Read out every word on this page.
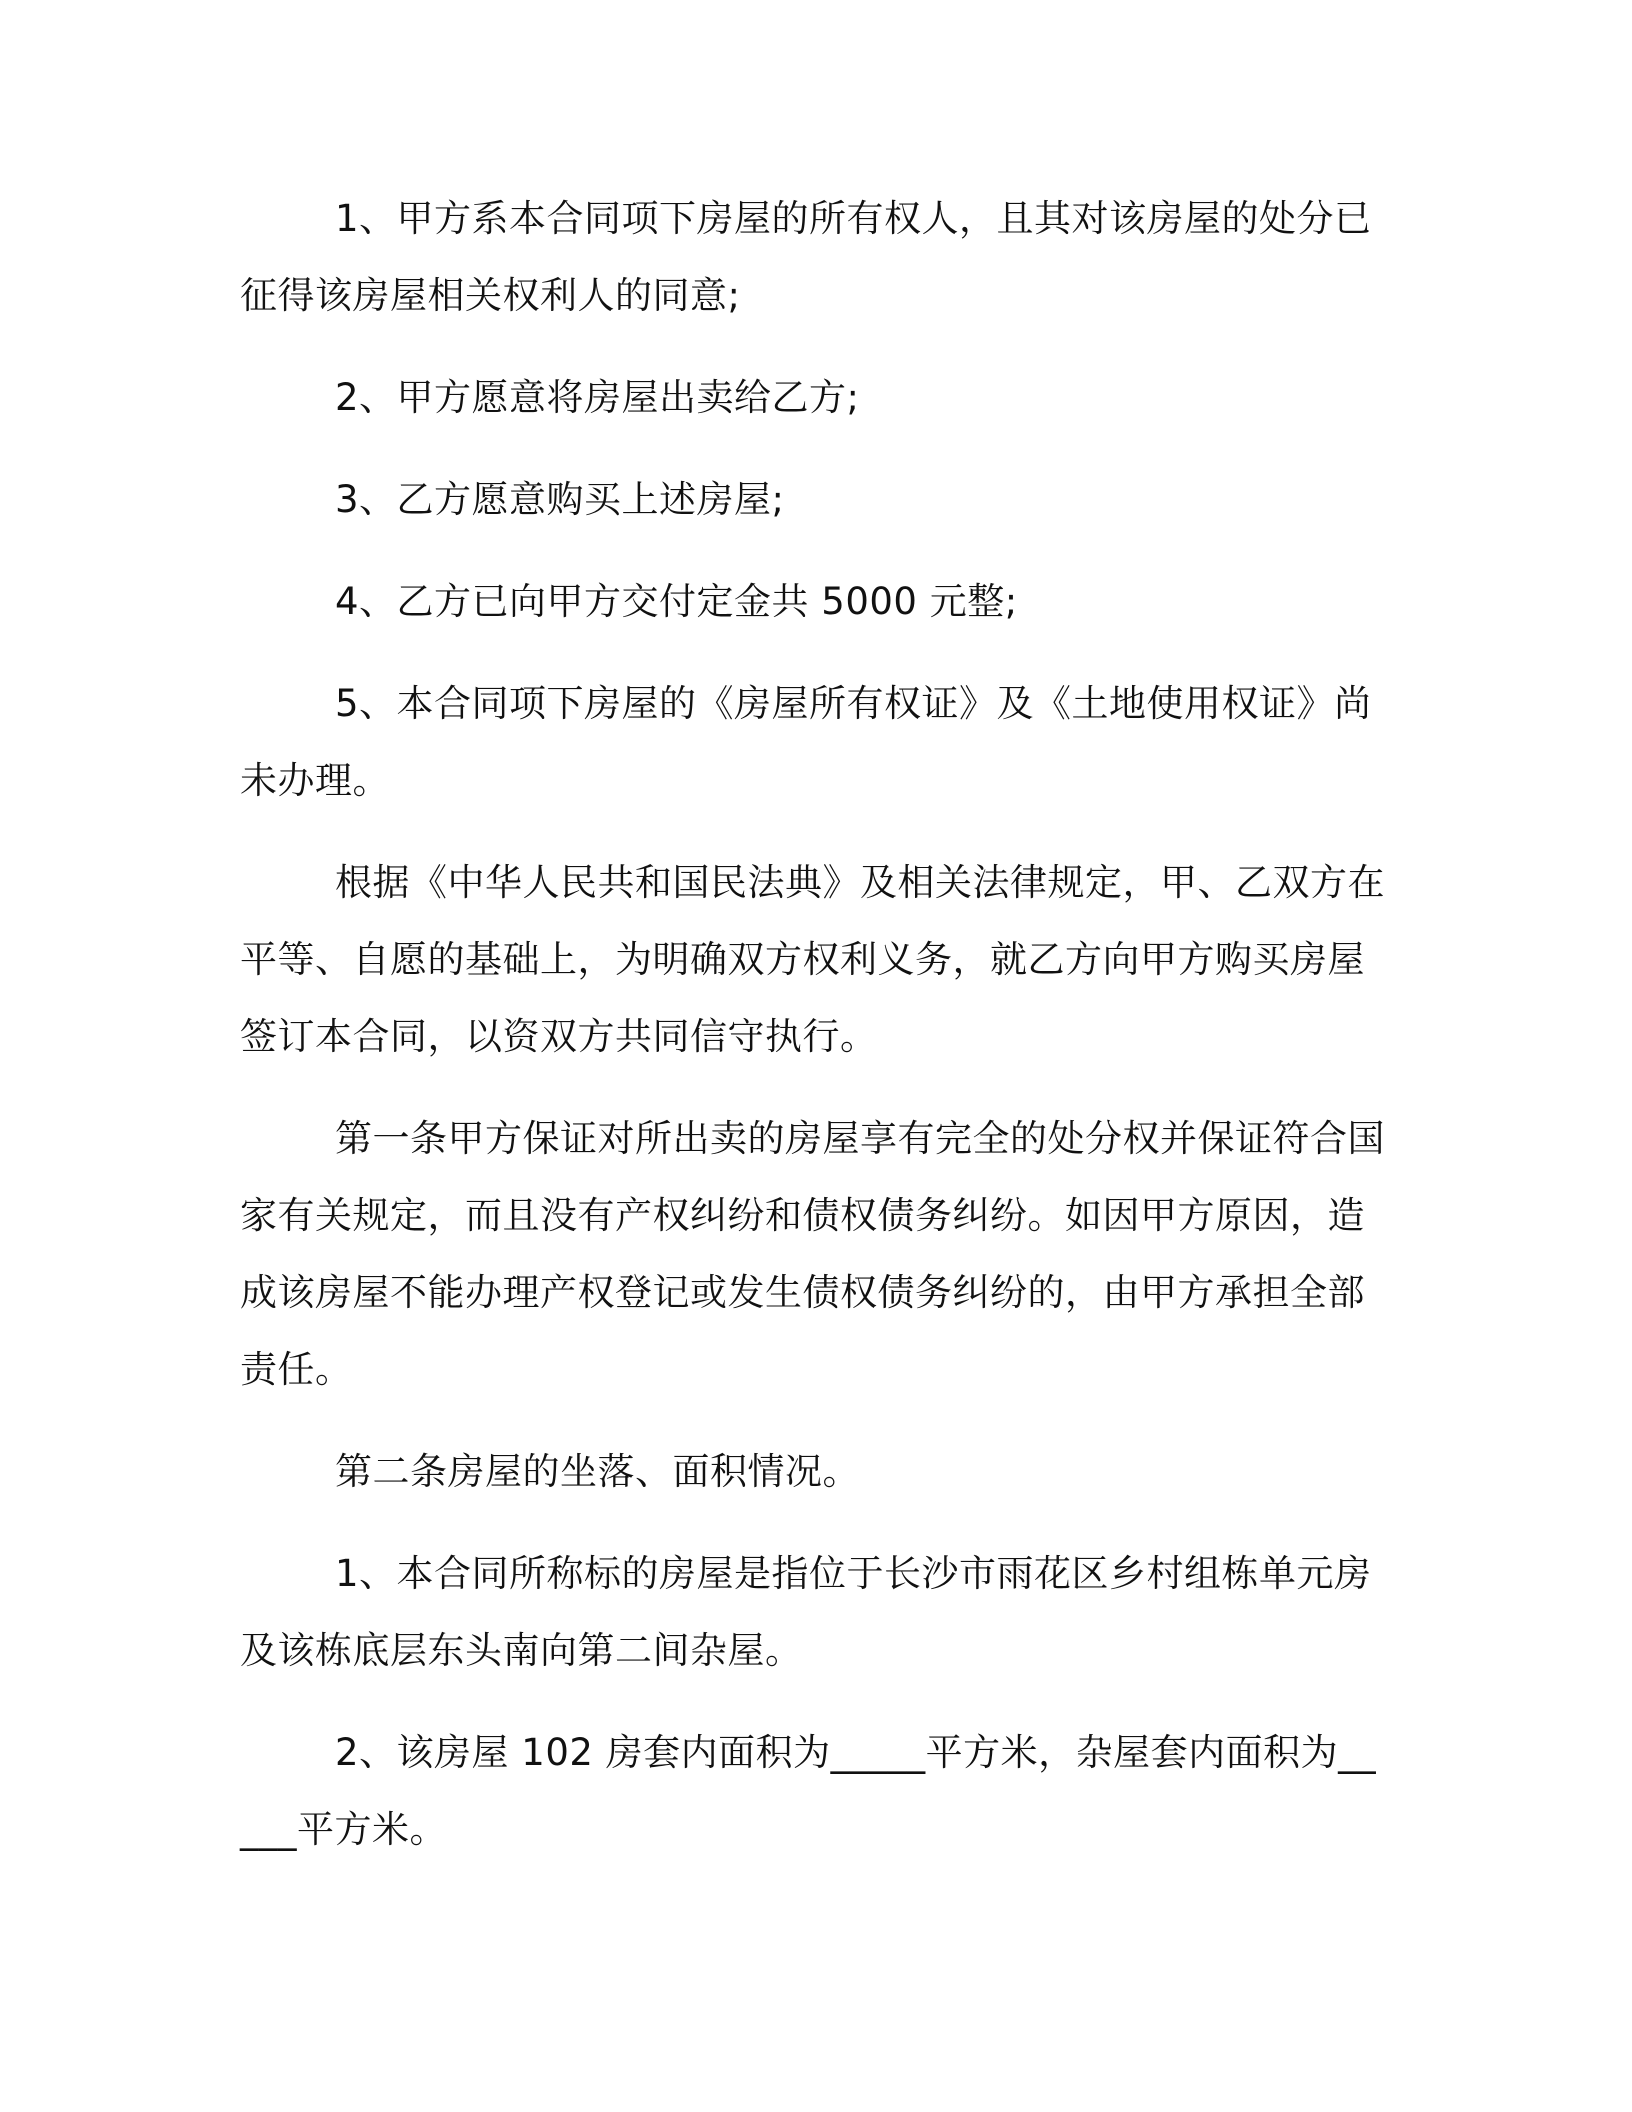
1、甲方系本合同项下房屋的所有权人，且其对该房屋的处分已征得该房屋相关权利人的同意;

2、甲方愿意将房屋出卖给乙方;

3、乙方愿意购买上述房屋;

4、乙方已向甲方交付定金共 5000 元整;

5、本合同项下房屋的《房屋所有权证》及《土地使用权证》尚未办理。

根据《中华人民共和国民法典》及相关法律规定，甲、乙双方在平等、自愿的基础上，为明确双方权利义务，就乙方向甲方购买房屋签订本合同，以资双方共同信守执行。

第一条甲方保证对所出卖的房屋享有完全的处分权并保证符合国家有关规定，而且没有产权纠纷和债权债务纠纷。如因甲方原因，造成该房屋不能办理产权登记或发生债权债务纠纷的，由甲方承担全部责任。

第二条房屋的坐落、面积情况。

1、本合同所称标的房屋是指位于长沙市雨花区乡村组栋单元房及该栋底层东头南向第二间杂屋。

2、该房屋 102 房套内面积为_____平方米，杂屋套内面积为_____平方米。
